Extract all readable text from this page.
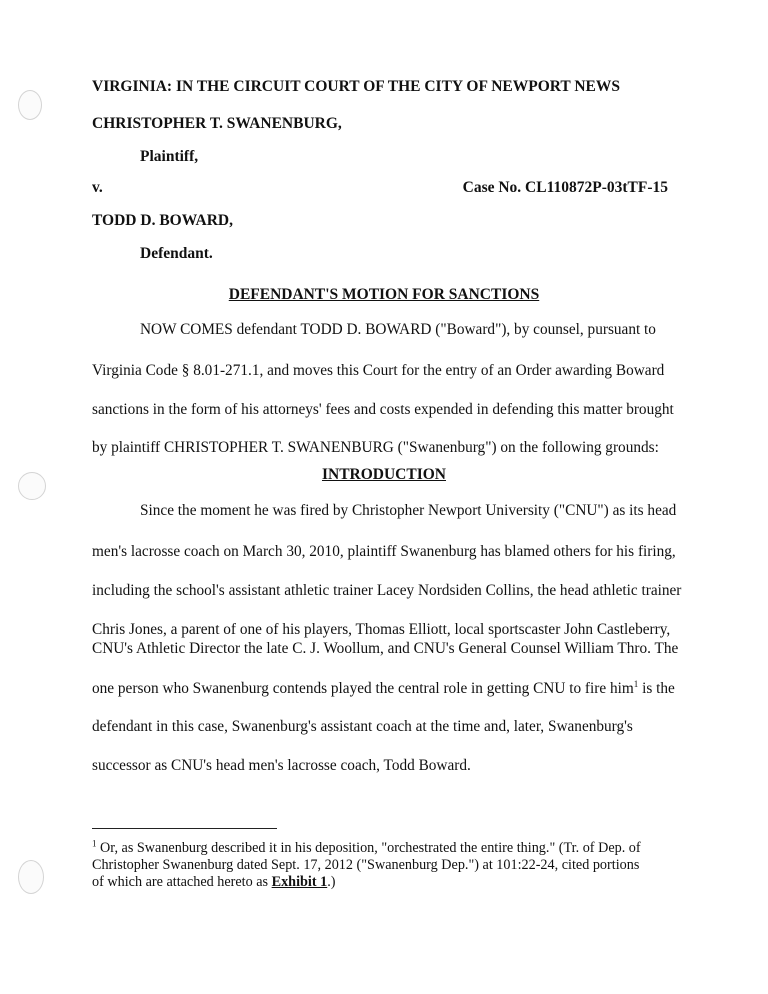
VIRGINIA: IN THE CIRCUIT COURT OF THE CITY OF NEWPORT NEWS
CHRISTOPHER T. SWANENBURG,
Plaintiff,
v.	Case No. CL110872P-03tTF-15
TODD D. BOWARD,
Defendant.
DEFENDANT'S MOTION FOR SANCTIONS
NOW COMES defendant TODD D. BOWARD ("Boward"), by counsel, pursuant to
Virginia Code § 8.01-271.1, and moves this Court for the entry of an Order awarding Boward
sanctions in the form of his attorneys' fees and costs expended in defending this matter brought
by plaintiff CHRISTOPHER T. SWANENBURG ("Swanenburg") on the following grounds:
INTRODUCTION
Since the moment he was fired by Christopher Newport University ("CNU") as its head
men's lacrosse coach on March 30, 2010, plaintiff Swanenburg has blamed others for his firing,
including the school's assistant athletic trainer Lacey Nordsiden Collins, the head athletic trainer
Chris Jones, a parent of one of his players, Thomas Elliott, local sportscaster John Castleberry,
CNU's Athletic Director the late C. J. Woollum, and CNU's General Counsel William Thro. The
one person who Swanenburg contends played the central role in getting CNU to fire him$^1$ is the
defendant in this case, Swanenburg's assistant coach at the time and, later, Swanenburg's
successor as CNU's head men's lacrosse coach, Todd Boward.
$^1$ Or, as Swanenburg described it in his deposition, "orchestrated the entire thing." (Tr. of Dep. of
Christopher Swanenburg dated Sept. 17, 2012 ("Swanenburg Dep.") at 101:22-24, cited portions
of which are attached hereto as Exhibit 1.)
